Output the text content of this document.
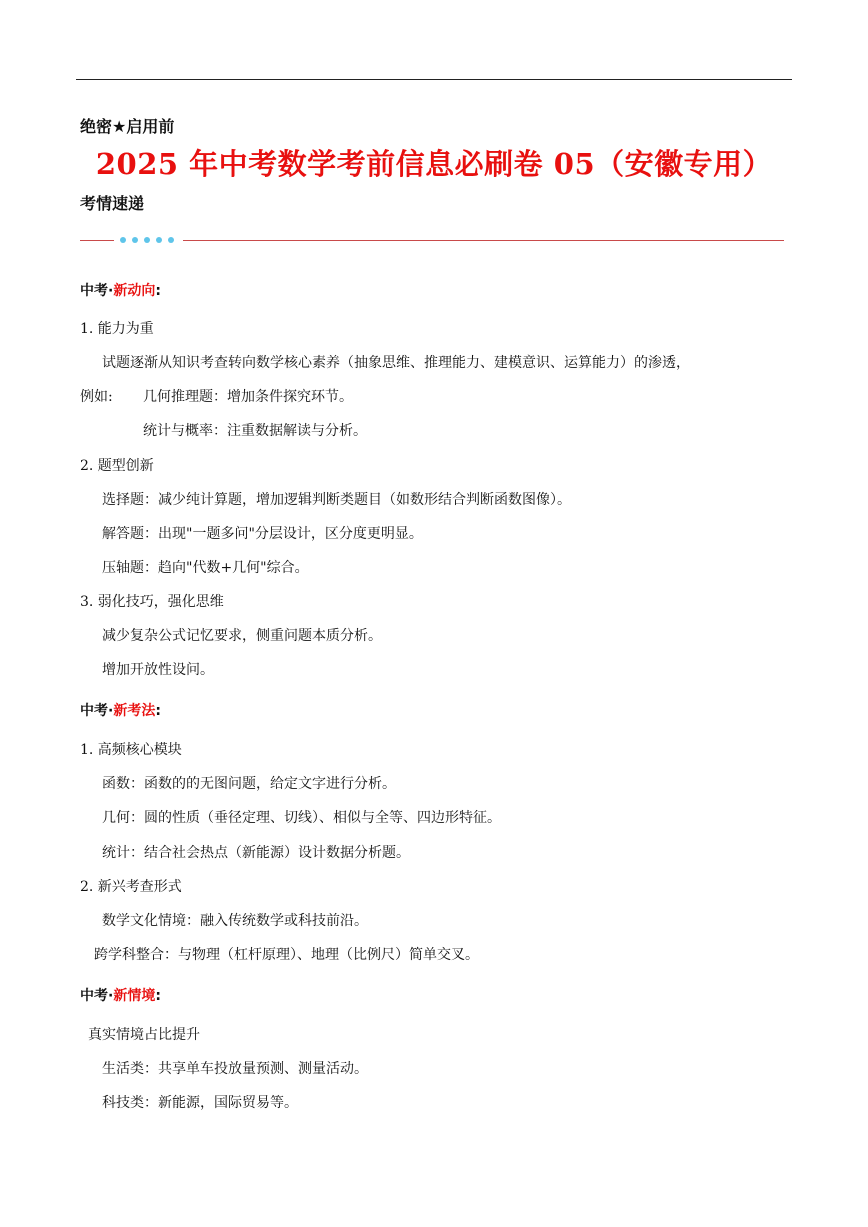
绝密★启用前
2025 年中考数学考前信息必刷卷 05（安徽专用）
考情速递
中考·新动向:
1. 能力为重
试题逐渐从知识考查转向数学核心素养（抽象思维、推理能力、建模意识、运算能力）的渗透，
例如: 几何推理题：增加条件探究环节。
统计与概率：注重数据解读与分析。
2. 题型创新
选择题：减少纯计算题，增加逻辑判断类题目（如数形结合判断函数图像）。
解答题：出现"一题多问"分层设计，区分度更明显。
压轴题：趋向"代数+几何"综合。
3. 弱化技巧，强化思维
减少复杂公式记忆要求，侧重问题本质分析。
增加开放性设问。
中考·新考法:
1. 高频核心模块
函数：函数的的无图问题，给定文字进行分析。
几何：圆的性质（垂径定理、切线）、相似与全等、四边形特征。
统计：结合社会热点（新能源）设计数据分析题。
2. 新兴考查形式
数学文化情境：融入传统数学或科技前沿。
跨学科整合：与物理（杠杆原理）、地理（比例尺）简单交叉。
中考·新情境:
真实情境占比提升
生活类：共享单车投放量预测、测量活动。
科技类：新能源，国际贸易等。
